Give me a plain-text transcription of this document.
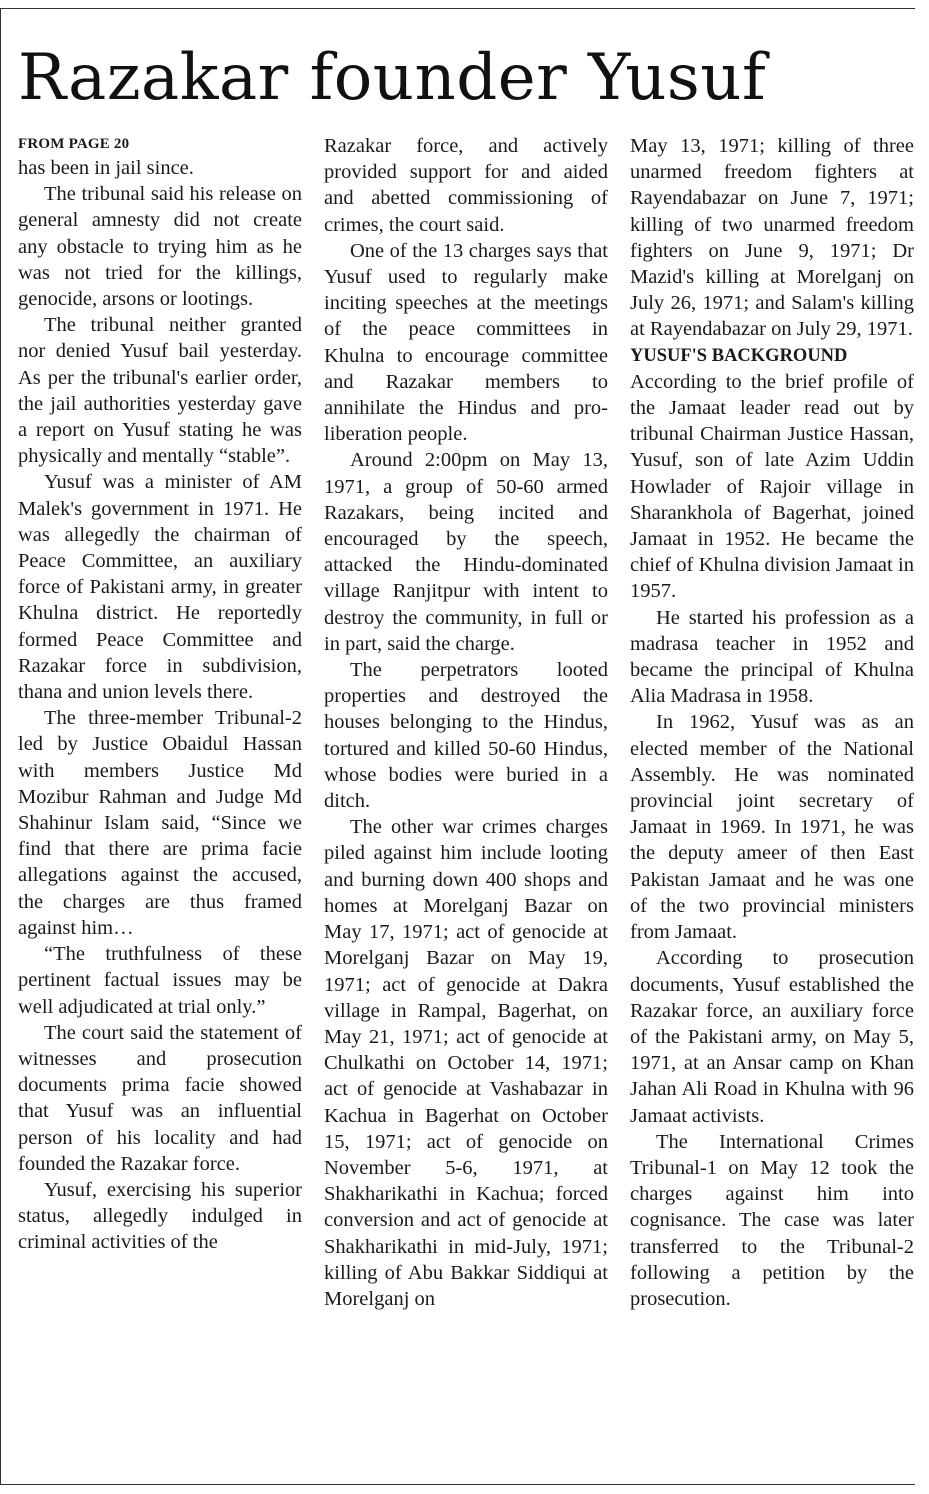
Razakar founder Yusuf
FROM PAGE 20

has been in jail since.

The tribunal said his release on general amnesty did not create any obstacle to trying him as he was not tried for the killings, genocide, arsons or lootings.

The tribunal neither granted nor denied Yusuf bail yesterday. As per the tribunal's earlier order, the jail authorities yesterday gave a report on Yusuf stating he was physically and mentally “stable”.

Yusuf was a minister of AM Malek's government in 1971. He was allegedly the chairman of Peace Committee, an auxiliary force of Pakistani army, in greater Khulna district. He reportedly formed Peace Committee and Razakar force in subdivision, thana and union levels there.

The three-member Tribunal-2 led by Justice Obaidul Hassan with members Justice Md Mozibur Rahman and Judge Md Shahinur Islam said, “Since we find that there are prima facie allegations against the accused, the charges are thus framed against him…

“The truthfulness of these pertinent factual issues may be well adjudicated at trial only.”

The court said the statement of witnesses and prosecution documents prima facie showed that Yusuf was an influential person of his locality and had founded the Razakar force.

Yusuf, exercising his superior status, allegedly indulged in criminal activities of the

Razakar force, and actively provided support for and aided and abetted commissioning of crimes, the court said.

One of the 13 charges says that Yusuf used to regularly make inciting speeches at the meetings of the peace committees in Khulna to encourage committee and Razakar members to annihilate the Hindus and pro-liberation people.

Around 2:00pm on May 13, 1971, a group of 50-60 armed Razakars, being incited and encouraged by the speech, attacked the Hindu-dominated village Ranjitpur with intent to destroy the community, in full or in part, said the charge.

The perpetrators looted properties and destroyed the houses belonging to the Hindus, tortured and killed 50-60 Hindus, whose bodies were buried in a ditch.

The other war crimes charges piled against him include looting and burning down 400 shops and homes at Morelganj Bazar on May 17, 1971; act of genocide at Morelganj Bazar on May 19, 1971; act of genocide at Dakra village in Rampal, Bagerhat, on May 21, 1971; act of genocide at Chulkathi on October 14, 1971; act of genocide at Vashabazar in Kachua in Bagerhat on October 15, 1971; act of genocide on November 5-6, 1971, at Shakharikathi in Kachua; forced conversion and act of genocide at Shakharikathi in mid-July, 1971; killing of Abu Bakkar Siddiqui at Morelganj on

May 13, 1971; killing of three unarmed freedom fighters at Rayendabazar on June 7, 1971; killing of two unarmed freedom fighters on June 9, 1971; Dr Mazid's killing at Morelganj on July 26, 1971; and Salam's killing at Rayendabazar on July 29, 1971.

YUSUF'S BACKGROUND

According to the brief profile of the Jamaat leader read out by tribunal Chairman Justice Hassan, Yusuf, son of late Azim Uddin Howlader of Rajoir village in Sharankhola of Bagerhat, joined Jamaat in 1952. He became the chief of Khulna division Jamaat in 1957.

He started his profession as a madrasa teacher in 1952 and became the principal of Khulna Alia Madrasa in 1958.

In 1962, Yusuf was as an elected member of the National Assembly. He was nominated provincial joint secretary of Jamaat in 1969. In 1971, he was the deputy ameer of then East Pakistan Jamaat and he was one of the two provincial ministers from Jamaat.

According to prosecution documents, Yusuf established the Razakar force, an auxiliary force of the Pakistani army, on May 5, 1971, at an Ansar camp on Khan Jahan Ali Road in Khulna with 96 Jamaat activists.

The International Crimes Tribunal-1 on May 12 took the charges against him into cognisance. The case was later transferred to the Tribunal-2 following a petition by the prosecution.
